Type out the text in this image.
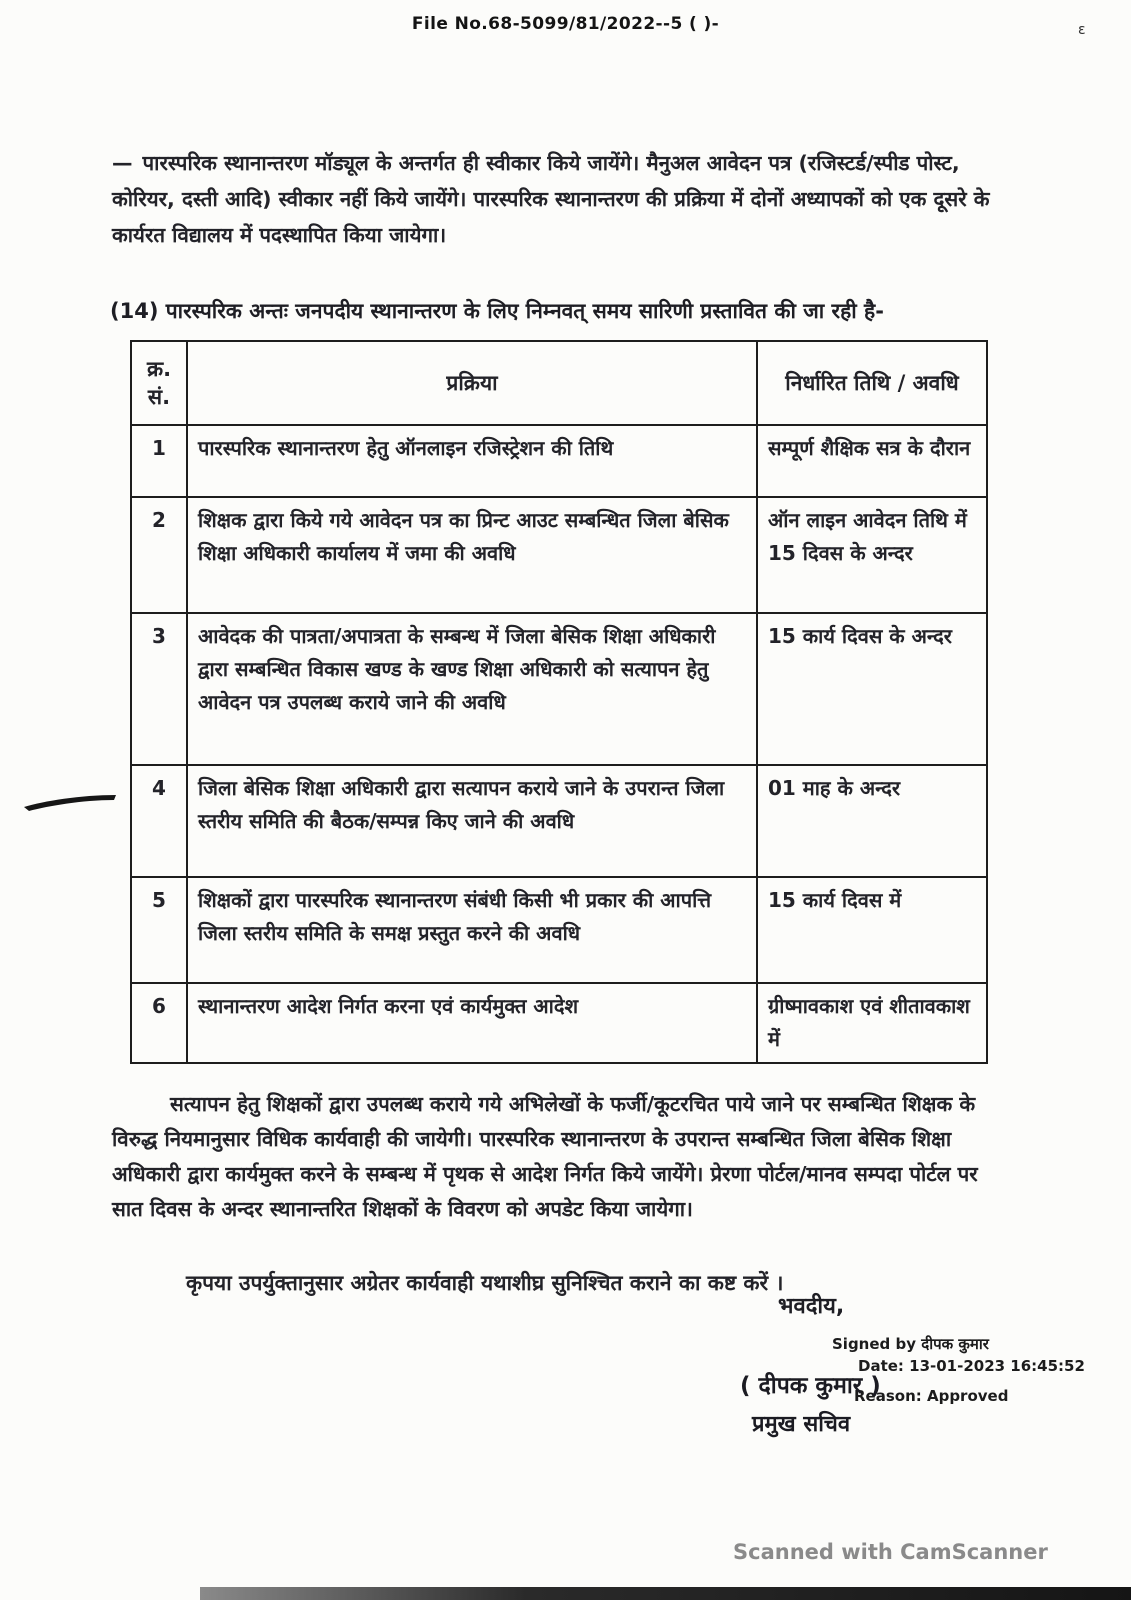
File No.68-5099/81/2022--5 ( )-	ɛ

— पारस्परिक स्थानान्तरण मॉड्यूल के अन्तर्गत ही स्वीकार किये जायेंगे। मैनुअल आवेदन पत्र (रजिस्टर्ड/स्पीड पोस्ट, कोरियर, दस्ती आदि) स्वीकार नहीं किये जायेंगे। पारस्परिक स्थानान्तरण की प्रक्रिया में दोनों अध्यापकों को एक दूसरे के कार्यरत विद्यालय में पदस्थापित किया जायेगा।

(14) पारस्परिक अन्तः जनपदीय स्थानान्तरण के लिए निम्नवत् समय सारिणी प्रस्तावित की जा रही है-

क्र.सं.	प्रक्रिया	निर्धारित तिथि / अवधि
1	पारस्परिक स्थानान्तरण हेतु ऑनलाइन रजिस्ट्रेशन की तिथि	सम्पूर्ण शैक्षिक सत्र के दौरान
2	शिक्षक द्वारा किये गये आवेदन पत्र का प्रिन्ट आउट सम्बन्धित जिला बेसिक शिक्षा अधिकारी कार्यालय में जमा की अवधि	ऑन लाइन आवेदन तिथि में 15 दिवस के अन्दर
3	आवेदक की पात्रता/अपात्रता के सम्बन्ध में जिला बेसिक शिक्षा अधिकारी द्वारा सम्बन्धित विकास खण्ड के खण्ड शिक्षा अधिकारी को सत्यापन हेतु आवेदन पत्र उपलब्ध कराये जाने की अवधि	15 कार्य दिवस के अन्दर
4	जिला बेसिक शिक्षा अधिकारी द्वारा सत्यापन कराये जाने के उपरान्त जिला स्तरीय समिति की बैठक/सम्पन्न किए जाने की अवधि	01 माह के अन्दर
5	शिक्षकों द्वारा पारस्परिक स्थानान्तरण संबंधी किसी भी प्रकार की आपत्ति जिला स्तरीय समिति के समक्ष प्रस्तुत करने की अवधि	15 कार्य दिवस में
6	स्थानान्तरण आदेश निर्गत करना एवं कार्यमुक्त आदेश	ग्रीष्मावकाश एवं शीतावकाश में

सत्यापन हेतु शिक्षकों द्वारा उपलब्ध कराये गये अभिलेखों के फर्जी/कूटरचित पाये जाने पर सम्बन्धित शिक्षक के विरुद्ध नियमानुसार विधिक कार्यवाही की जायेगी। पारस्परिक स्थानान्तरण के उपरान्त सम्बन्धित जिला बेसिक शिक्षा अधिकारी द्वारा कार्यमुक्त करने के सम्बन्ध में पृथक से आदेश निर्गत किये जायेंगे। प्रेरणा पोर्टल/मानव सम्पदा पोर्टल पर सात दिवस के अन्दर स्थानान्तरित शिक्षकों के विवरण को अपडेट किया जायेगा।

कृपया उपर्युक्तानुसार अग्रेतर कार्यवाही यथाशीघ्र सुनिश्चित कराने का कष्ट करें ।

भवदीय,
Signed by दीपक कुमार
Date: 13-01-2023 16:45:52
Reason: Approved
( दीपक कुमार )
प्रमुख सचिव
Scanned with CamScanner
